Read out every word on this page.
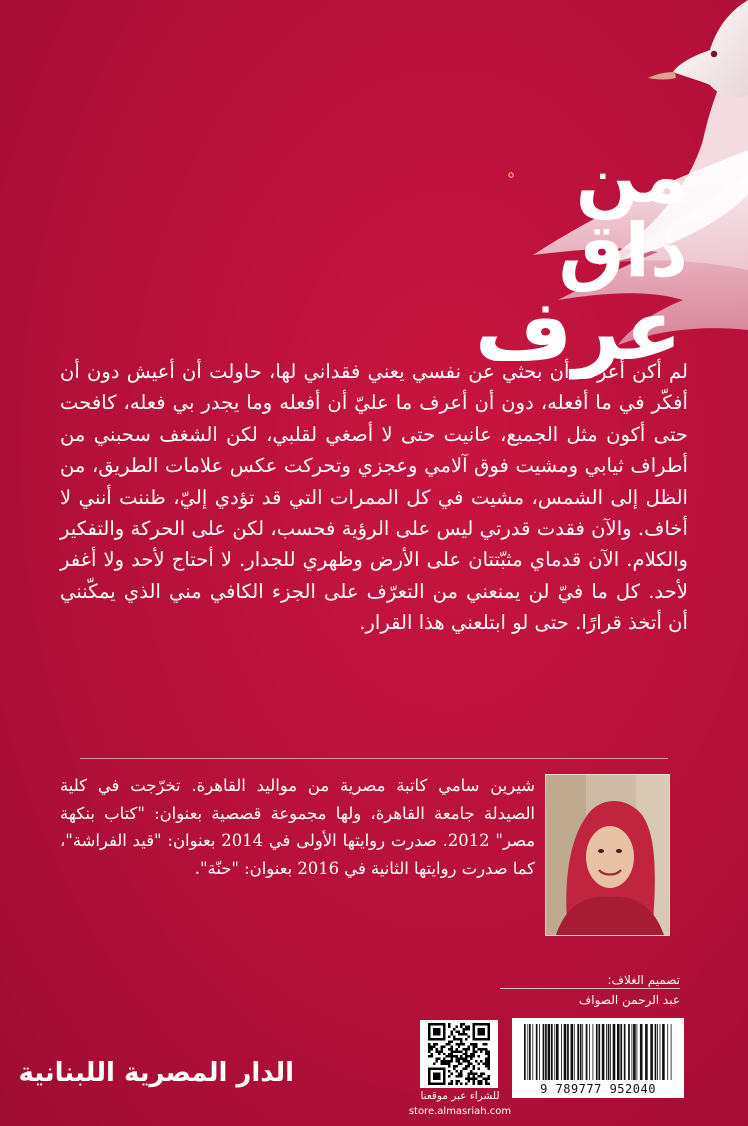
من ذاق
عرف
لم أكن أعرف أن بحثي عن نفسي يعني فقداني لها، حاولت أن أعيش دون أن أفكّر في ما أفعله، دون أن أعرف ما عليّ أن أفعله وما يجدر بي فعله، كافحت حتى أكون مثل الجميع، عانيت حتى لا أصغي لقلبي، لكن الشغف سحبني من أطراف ثيابي ومشيت فوق آلامي وعجزي وتحركت عكس علامات الطريق، من الظل إلى الشمس، مشيت في كل الممرات التي قد تؤدي إليّ، ظننت أنني لا أخاف. والآن فقدت قدرتي ليس على الرؤية فحسب، لكن على الحركة والتفكير والكلام. الآن قدماي مثبّتتان على الأرض وظهري للجدار. لا أحتاج لأحد ولا أغفر لأحد. كل ما فيّ لن يمنعني من التعرّف على الجزء الكافي مني الذي يمكّنني أن أتخذ قرارًا. حتى لو ابتلعني هذا القرار.
شيرين سامي كاتبة مصرية من مواليد القاهرة. تخرّجت في كلية الصيدلة جامعة القاهرة، ولها مجموعة قصصية بعنوان: "كتاب بنكهة مصر" 2012. صدرت روايتها الأولى في 2014 بعنوان: "قيد الفراشة"، كما صدرت روايتها الثانية في 2016 بعنوان: "حنّة".
تصميم الغلاف:
عبد الرحمن الصواف
9 789777 952040
للشراء عبر موقعنا
store.almasriah.com
الدار المصرية اللبنانية
